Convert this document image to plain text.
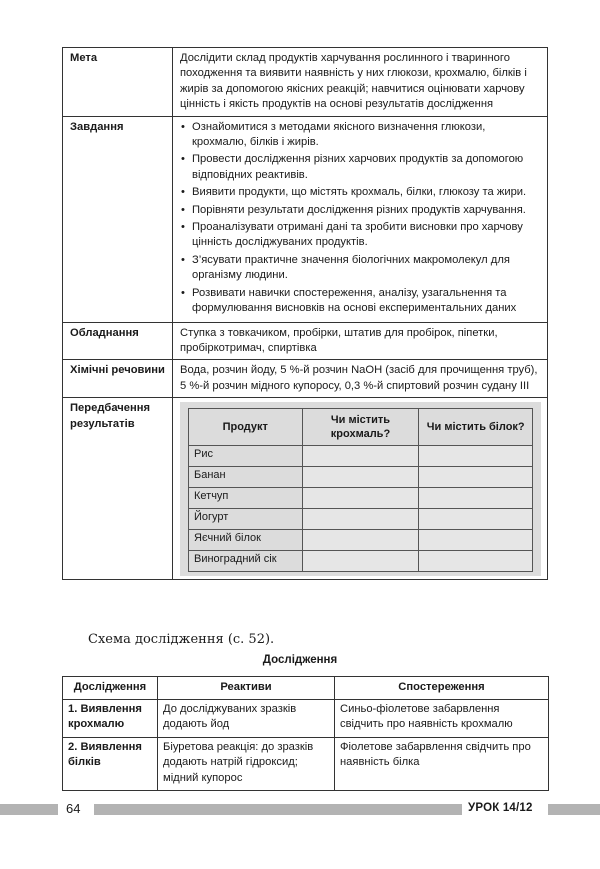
Мета	Дослідити склад продуктів харчування рослинного і тваринного походження та виявити наявність у них глюкози, крохмалю, білків і жирів за допомогою якісних реакцій; навчитися оцінювати харчову цінність і якість продуктів на основі результатів дослідження
Завдання	
•Ознайомитися з методами якісного визначення глюкози, крохмалю, білків і жирів.
• Провести дослідження різних харчових продуктів за допомогою відповідних реактивів.
• Виявити продукти, що містять крохмаль, білки, глюкозу та жири.
• Порівняти результати дослідження різних продуктів харчування.
• Проаналізувати отримані дані та зробити висновки про харчову цінність досліджуваних продуктів.
• З’ясувати практичне значення біологічних макромолекул для організму людини.
• Розвивати навички спостереження, аналізу, узагальнення та формулювання висновків на основі експериментальних даних

Обладнання	Ступка з товкачиком, пробірки, штатив для пробірок, піпетки, пробіркотримач, спиртівка
Хімічні речовини	Вода, розчин йоду, 5 %-й розчин NaOH (засіб для прочищення труб), 5 %-й розчин мідного купоросу, 0,3 %-й спиртовий розчин судану III
Передбачення результатів		Продукт	Чи містить крохмаль?	Чи містить білок?
Рис		
Банан		
Кетчуп		
Йогурт		
Яєчний білок		
Виноградний сік		
Схема дослідження (с. 52).
Дослідження
Дослідження	Реактиви	Спостереження
1. Виявлення крохмалю	До досліджуваних зразків додають йод	Синьо-фіолетове забарвлення свідчить про наявність крохмалю
2. Виявлення білків	Біуретова реакція: до зразків додають натрій гідроксид; мідний купорос	Фіолетове забарвлення свідчить про наявність білка
64	УРОК 14/12
